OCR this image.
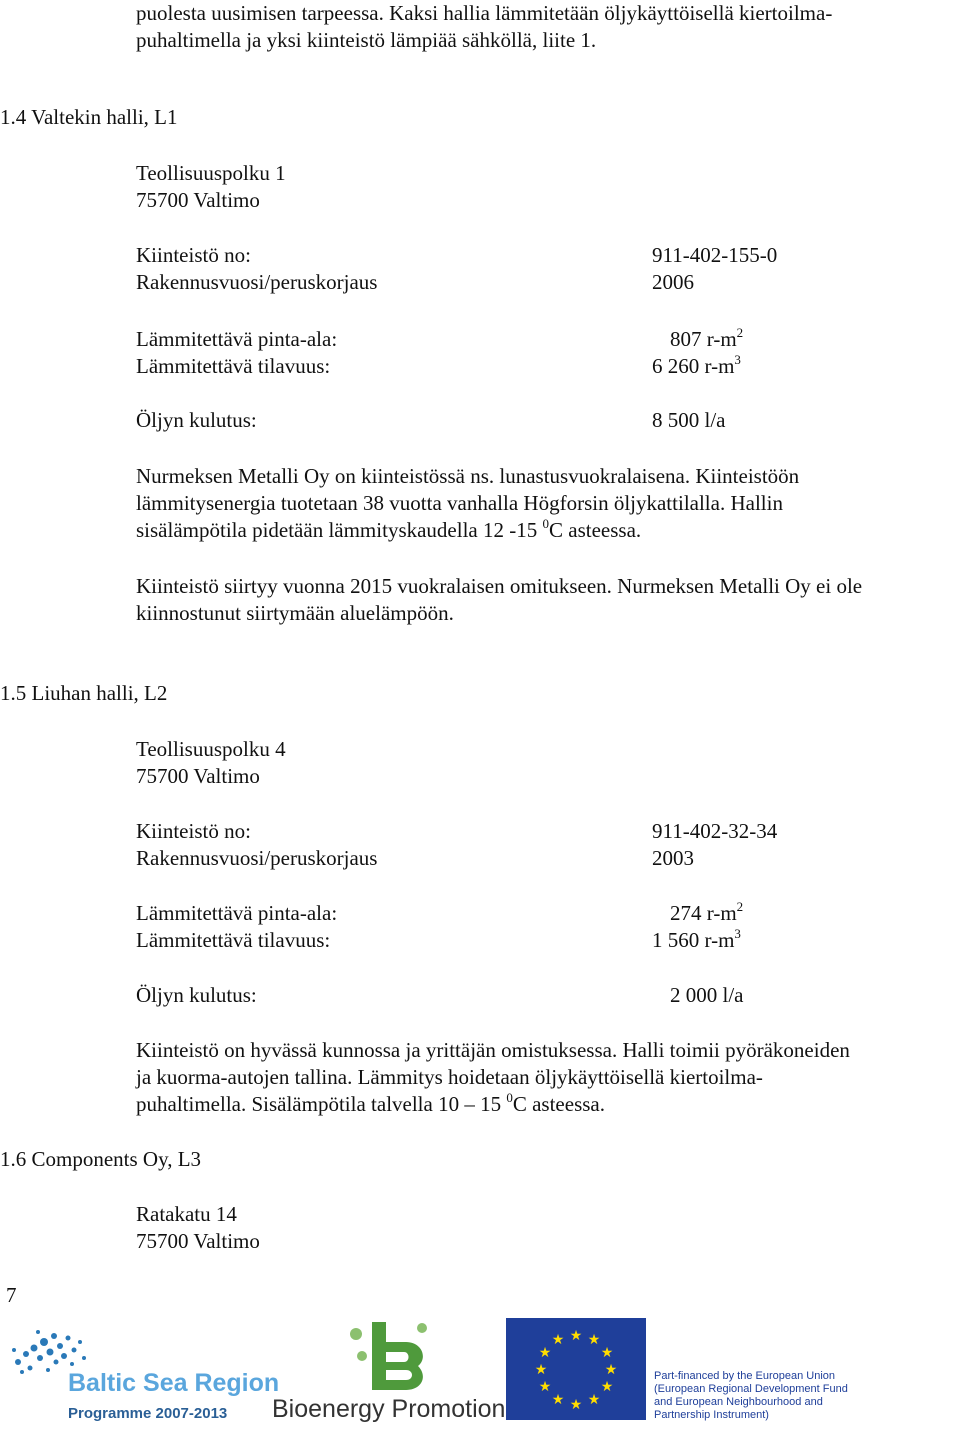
puolesta uusimisen tarpeessa. Kaksi hallia lämmitetään öljykäyttöisellä kiertoilma-
puhaltimella ja yksi kiinteistö lämpiää sähköllä, liite 1.
1.4 Valtekin halli, L1
Teollisuuspolku 1
75700 Valtimo
Kiinteistö no:	911-402-155-0
Rakennusvuosi/peruskorjaus	2006
Lämmitettävä pinta-ala:	807 $r-m^2$
Lämmitettävä tilavuus:	6 260 $r-m^3$
Öljyn kulutus:	8 500 l/a
Nurmeksen Metalli Oy on kiinteistössä ns. lunastusvuokralaisena. Kiinteistöön
lämmitysenergia tuotetaan 38 vuotta vanhalla Högforsin öljykattilalla. Hallin
sisälämpötila pidetään lämmityskaudella 12 -15 $^0$C asteessa.
Kiinteistö siirtyy vuonna 2015 vuokralaisen omitukseen. Nurmeksen Metalli Oy ei ole
kiinnostunut siirtymään aluelämpöön.
1.5 Liuhan halli, L2
Teollisuuspolku 4
75700 Valtimo
Kiinteistö no:	911-402-32-34
Rakennusvuosi/peruskorjaus	2003
Lämmitettävä pinta-ala:	274 $r-m^2$
Lämmitettävä tilavuus:	1 560 $r-m^3$
Öljyn kulutus:	2 000 l/a
Kiinteistö on hyvässä kunnossa ja yrittäjän omistuksessa. Halli toimii pyöräkoneiden
ja kuorma-autojen tallina. Lämmitys hoidetaan öljykäyttöisellä kiertoilma-
puhaltimella. Sisälämpötila talvella 10 – 15 $^0$C asteessa.
1.6 Components Oy, L3
Ratakatu 14
75700 Valtimo
7
Baltic Sea Region
Programme 2007-2013 Bioenergy Promotion
★ ★
★
★
★
★
★
★
★
★
★
★
Part-financed by the European Union
(European Regional Development Fund
and European Neighbourhood and
Partnership Instrument)
